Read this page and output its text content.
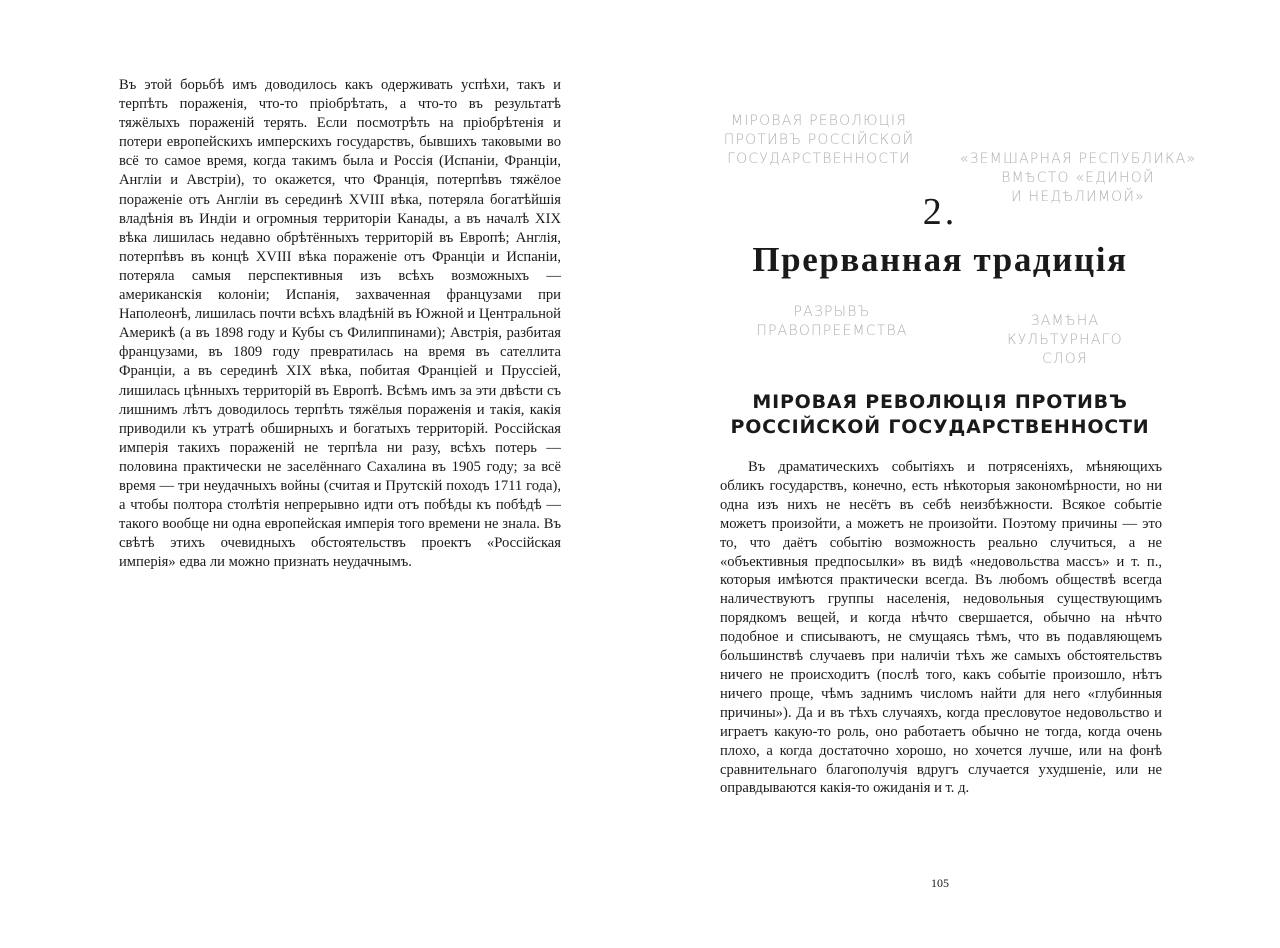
Въ этой борьбѣ имъ доводилось какъ одерживать успѣхи, такъ и терпѣть пораженія, что-то пріобрѣтать, а что-то въ результатѣ тяжёлыхъ пораженій терять. Если посмотрѣть на пріобрѣтенія и потери европейскихъ имперскихъ государствъ, бывшихъ таковыми во всё то самое время, когда такимъ была и Россія (Испаніи, Франціи, Англіи и Австріи), то окажется, что Франція, потерпѣвъ тяжёлое пораженіе отъ Англіи въ серединѣ XVIII вѣка, потеряла богатѣйшія владѣнія въ Индіи и огромныя территоріи Канады, а въ началѣ XIX вѣка лишилась недавно обрѣтённыхъ территорій въ Европѣ; Англія, потерпѣвъ въ концѣ XVIII вѣка пораженіе отъ Франціи и Испаніи, потеряла самыя перспективныя изъ всѣхъ возможныхъ — американскія колоніи; Испанія, захваченная французами при Наполеонѣ, лишилась почти всѣхъ владѣній въ Южной и Центральной Америкѣ (а въ 1898 году и Кубы съ Филиппинами); Австрія, разбитая французами, въ 1809 году превратилась на время въ сателлита Франціи, а въ серединѣ XIX вѣка, побитая Франціей и Пруссіей, лишилась цѣнныхъ территорій въ Европѣ. Всѣмъ имъ за эти двѣсти съ лишнимъ лѣтъ доводилось терпѣть тяжёлыя пораженія и такія, какія приводили къ утратѣ обширныхъ и богатыхъ территорій. Россійская имперія такихъ пораженій не терпѣла ни разу, всѣхъ потерь — половина практически не заселённаго Сахалина въ 1905 году; за всё время — три неудачныхъ войны (считая и Прутскій походъ 1711 года), а чтобы полтора столѣтія непрерывно идти отъ побѣды къ побѣдѣ — такого вообще ни одна европейская имперія того времени не знала. Въ свѣтѣ этихъ очевидныхъ обстоятельствъ проектъ «Россійская имперія» едва ли можно признать неудачнымъ.

МІРОВАЯ РЕВОЛЮЦІЯ
ПРОТИВЪ РОССІЙСКОЙ
ГОСУДАРСТВЕННОСТИ	«ЗЕМШАРНАЯ РЕСПУБЛИКА»
ВМѢСТО «ЕДИНОЙ
И НЕДѢЛИМОЙ»
2.
Прерванная традиція
РАЗРЫВЪ
ПРАВОПРЕЕМСТВА
ЗАМѢНА
КУЛЬТУРНАГО
СЛОЯ
МІРОВАЯ РЕВОЛЮЦІЯ ПРОТИВЪ
РОССІЙСКОЙ ГОСУДАРСТВЕННОСТИ

Въ драматическихъ событіяхъ и потрясеніяхъ, мѣняющихъ обликъ государствъ, конечно, есть нѣкоторыя закономѣрности, но ни одна изъ нихъ не несётъ въ себѣ неизбѣжности. Всякое событіе можетъ произойти, а можетъ не произойти. Поэтому причины — это то, что даётъ событію возможность реально случиться, а не «объективныя предпосылки» въ видѣ «недовольства массъ» и т. п., которыя имѣются практически всегда. Въ любомъ обществѣ всегда наличествуютъ группы населенія, недовольныя существующимъ порядкомъ вещей, и когда нѣчто свершается, обычно на нѣчто подобное и списываютъ, не смущаясь тѣмъ, что въ подавляющемъ большинствѣ случаевъ при наличіи тѣхъ же самыхъ обстоятельствъ ничего не происходитъ (послѣ того, какъ событіе произошло, нѣтъ ничего проще, чѣмъ заднимъ числомъ найти для него «глубинныя причины»). Да и въ тѣхъ случаяхъ, когда пресловутое недовольство и играетъ какую-то роль, оно работаетъ обычно не тогда, когда очень плохо, а когда достаточно хорошо, но хочется лучше, или на фонѣ сравнительнаго благополучія вдругъ случается ухудшеніе, или не оправдываются какія-то ожиданія и т. д.

105
